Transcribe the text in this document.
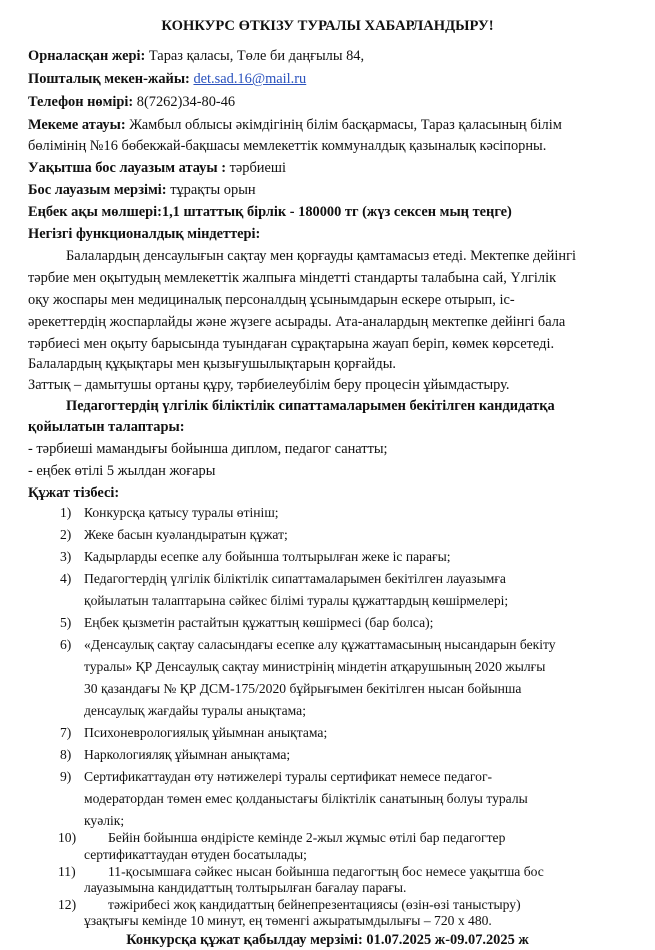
КОНКУРС ӨТКІЗУ ТУРАЛЫ ХАБАРЛАНДЫРУ!
Орналасқан жері: Тараз қаласы, Төле би даңғылы 84,
Пошталық мекен-жайы: det.sad.16@mail.ru
Телефон нөмірі: 8(7262)34-80-46
Мекеме атауы: Жамбыл облысы әкімдігінің білім басқармасы, Тараз қаласының білім
бөлімінің №16 бөбекжай-бақшасы мемлекеттік коммуналдық қазыналық кәсіпорны.
Уақытша бос лауазым атауы : тәрбиеші
Бос лауазым мерзімі: тұрақты орын
Еңбек ақы мөлшері:1,1 штаттық бірлік - 180000 тг (жүз сексен мың теңге)
Негізгі функционалдық міндеттері:
Балалардың денсаулығын сақтау мен қорғауды қамтамасыз етеді. Мектепке дейінгі
тәрбие мен оқытудың мемлекеттік жалпыға міндетті стандарты талабына сай, Үлгілік
оқу жоспары мен медициналық персоналдың ұсынымдарын ескере отырып, іс-
әрекеттердің жоспарлайды және жүзеге асырады. Ата-аналардың мектепке дейінгі бала
тәрбиесі мен оқыту барысында туындаған сұрақтарына жауап беріп, көмек көрсетеді.
Балалардың құқықтары мен қызығушылықтарын қорғайды.
Заттық – дамытушы ортаны құру, тәрбиелеубілім беру процесін ұйымдастыру.
Педагогтердің үлгілік біліктілік сипаттамаларымен бекітілген кандидатқа
қойылатын талаптары:
- тәрбиеші мамандығы бойынша диплом, педагог санатты;
- еңбек өтілі 5 жылдан жоғары
Құжат тізбесі:
1) Конкурсқа қатысу туралы өтініш;
2) Жеке басын куәландыратын құжат;
3) Кадырларды есепке алу бойынша толтырылған жеке іс парағы;
4) Педагогтердің үлгілік біліктілік сипаттамаларымен бекітілген лауазымға
қойылатын талаптарына сәйкес білімі туралы құжаттардың көшірмелері;
5) Еңбек қызметін растайтын құжаттың көшірмесі (бар болса);
6) «Денсаулық сақтау саласындағы есепке алу құжаттамасының нысандарын бекіту
туралы» ҚР Денсаулық сақтау министрінің міндетін атқарушының 2020 жылғы
30 қазандағы № ҚР ДСМ-175/2020 бұйрығымен бекітілген нысан бойынша
денсаулық жағдайы туралы анықтама;
7) Психоневрологиялық ұйымнан анықтама;
8) Наркологияляқ ұйымнан анықтама;
9) Сертификаттаудан өту нәтижелері туралы сертификат немесе педагог-
модератордан төмен емес қолданыстағы біліктілік санатының болуы туралы
куәлік;
10) Бейін бойынша өндірісте кемінде 2-жыл жұмыс өтілі бар педагогтер
сертификаттаудан өтуден босатылады;
11) 11-қосымшаға сәйкес нысан бойынша педагогтың бос немесе уақытша бос
лауазымына кандидаттың толтырылған бағалау парағы.
12) тәжірибесі жоқ кандидаттың бейнепрезентациясы (өзін-өзі таныстыру)
ұзақтығы кемінде 10 минут, ең төменгі ажыратымдылығы – 720 х 480.
Конкурсқа құжат қабылдау мерзімі: 01.07.2025 ж-09.07.2025 ж
